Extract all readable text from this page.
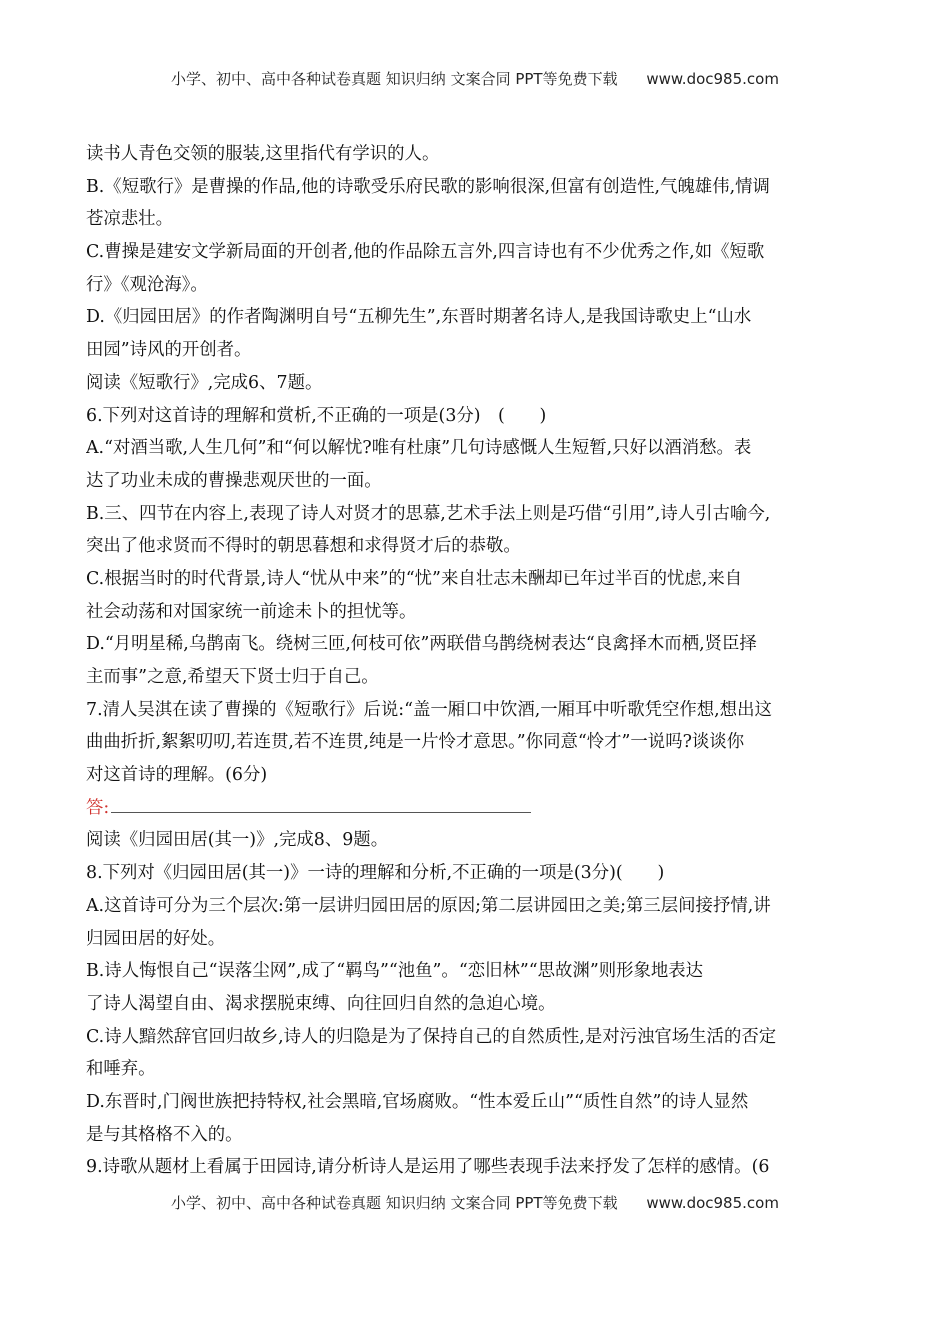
小学、初中、高中各种试卷真题 知识归纳 文案合同 PPT等免费下载 www.doc985.com
读书人青色交领的服装,这里指代有学识的人。
B.《短歌行》是曹操的作品,他的诗歌受乐府民歌的影响很深,但富有创造性,气魄雄伟,情调
苍凉悲壮。
C.曹操是建安文学新局面的开创者,他的作品除五言外,四言诗也有不少优秀之作,如《短歌
行》《观沧海》。
D.《归园田居》的作者陶渊明自号“五柳先生”,东晋时期著名诗人,是我国诗歌史上“山水
田园”诗风的开创者。
阅读《短歌行》,完成6、7题。
6.下列对这首诗的理解和赏析,不正确的一项是(3分)　(　　)
A.“对酒当歌,人生几何”和“何以解忧?唯有杜康”几句诗感慨人生短暂,只好以酒消愁。表
达了功业未成的曹操悲观厌世的一面。
B.三、四节在内容上,表现了诗人对贤才的思慕,艺术手法上则是巧借“引用”,诗人引古喻今,
突出了他求贤而不得时的朝思暮想和求得贤才后的恭敬。
C.根据当时的时代背景,诗人“忧从中来”的“忧”来自壮志未酬却已年过半百的忧虑,来自
社会动荡和对国家统一前途未卜的担忧等。
D.“月明星稀,乌鹊南飞。绕树三匝,何枝可依”两联借乌鹊绕树表达“良禽择木而栖,贤臣择
主而事”之意,希望天下贤士归于自己。
7.清人吴淇在读了曹操的《短歌行》后说:“盖一厢口中饮酒,一厢耳中听歌凭空作想,想出这
曲曲折折,絮絮叨叨,若连贯,若不连贯,纯是一片怜才意思。”你同意“怜才”一说吗?谈谈你
对这首诗的理解。(6分)
答:
阅读《归园田居(其一)》,完成8、9题。
8.下列对《归园田居(其一)》一诗的理解和分析,不正确的一项是(3分)(　　)
A.这首诗可分为三个层次:第一层讲归园田居的原因;第二层讲园田之美;第三层间接抒情,讲
归园田居的好处。
B.诗人悔恨自己“误落尘网”,成了“羁鸟”“池鱼”。“恋旧林”“思故渊”则形象地表达
了诗人渴望自由、渴求摆脱束缚、向往回归自然的急迫心境。
C.诗人黯然辞官回归故乡,诗人的归隐是为了保持自己的自然质性,是对污浊官场生活的否定
和唾弃。
D.东晋时,门阀世族把持特权,社会黑暗,官场腐败。“性本爱丘山”“质性自然”的诗人显然
是与其格格不入的。
9.诗歌从题材上看属于田园诗,请分析诗人是运用了哪些表现手法来抒发了怎样的感情。(6
小学、初中、高中各种试卷真题 知识归纳 文案合同 PPT等免费下载 www.doc985.com
